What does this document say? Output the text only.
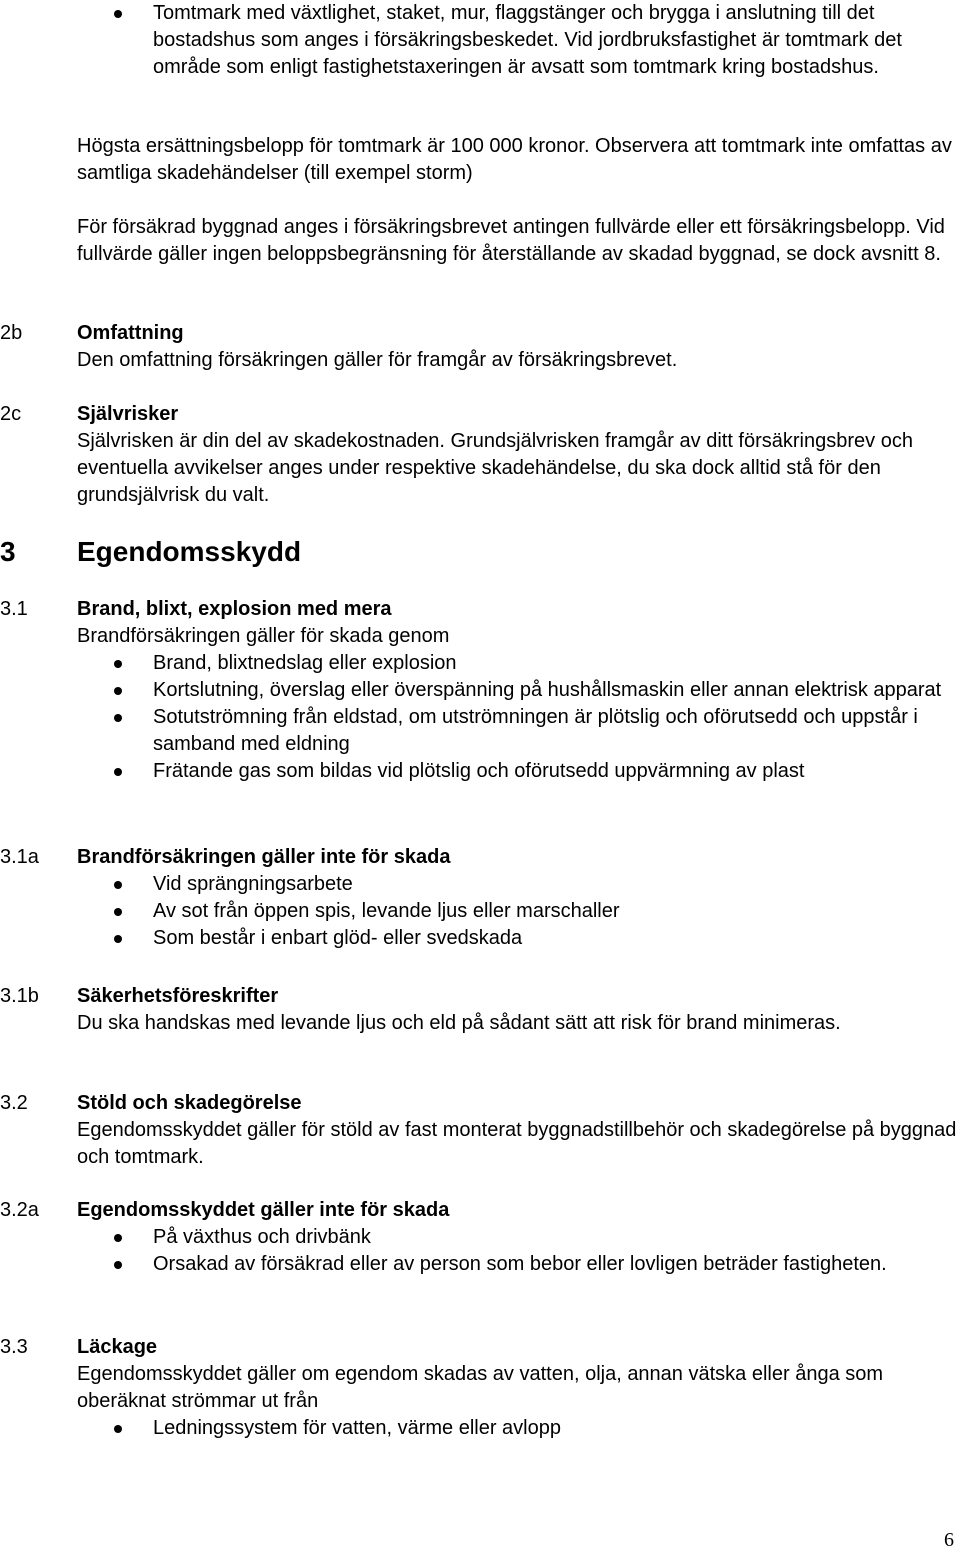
Tomtmark med växtlighet, staket, mur, flaggstänger och brygga i anslutning till det bostadshus som anges i försäkringsbeskedet. Vid jordbruksfastighet är tomtmark det område som enligt fastighetstaxeringen är avsatt som tomtmark kring bostadshus.

Högsta ersättningsbelopp för tomtmark är 100 000 kronor. Observera att tomtmark inte omfattas av samtliga skadehändelser (till exempel storm)

För försäkrad byggnad anges i försäkringsbrevet antingen fullvärde eller ett försäkringsbelopp. Vid fullvärde gäller ingen beloppsbegränsning för återställande av skadad byggnad, se dock avsnitt 8.

2b	Omfattning

Den omfattning försäkringen gäller för framgår av försäkringsbrevet.

2c	Självrisker

Självrisken är din del av skadekostnaden. Grundsjälvrisken framgår av ditt försäkringsbrev och eventuella avvikelser anges under respektive skadehändelse, du ska dock alltid stå för den grundsjälvrisk du valt.

3 Egendomsskydd
3.1 Brand, blixt, explosion med mera

Brandförsäkringen gäller för skada genom

Brand, blixtnedslag eller explosion
Kortslutning, överslag eller överspänning på hushållsmaskin eller annan elektrisk apparat
Sotutströmning från eldstad, om utströmningen är plötslig och oförutsedd och uppstår i samband med eldning
Frätande gas som bildas vid plötslig och oförutsedd uppvärmning av plast
3.1a Brandförsäkringen gäller inte för skada

Vid sprängningsarbete
Av sot från öppen spis, levande ljus eller marschaller
Som består i enbart glöd- eller svedskada
3.1b Säkerhetsföreskrifter

Du ska handskas med levande ljus och eld på sådant sätt att risk för brand minimeras.

3.2 Stöld och skadegörelse

Egendomsskyddet gäller för stöld av fast monterat byggnadstillbehör och skadegörelse på byggnad och tomtmark.

3.2a Egendomsskyddet gäller inte för skada

På växthus och drivbänk
Orsakad av försäkrad eller av person som bebor eller lovligen beträder fastigheten.
3.3 Läckage

Egendomsskyddet gäller om egendom skadas av vatten, olja, annan vätska eller ånga som oberäknat strömmar ut från

Ledningssystem för vatten, värme eller avlopp
6
